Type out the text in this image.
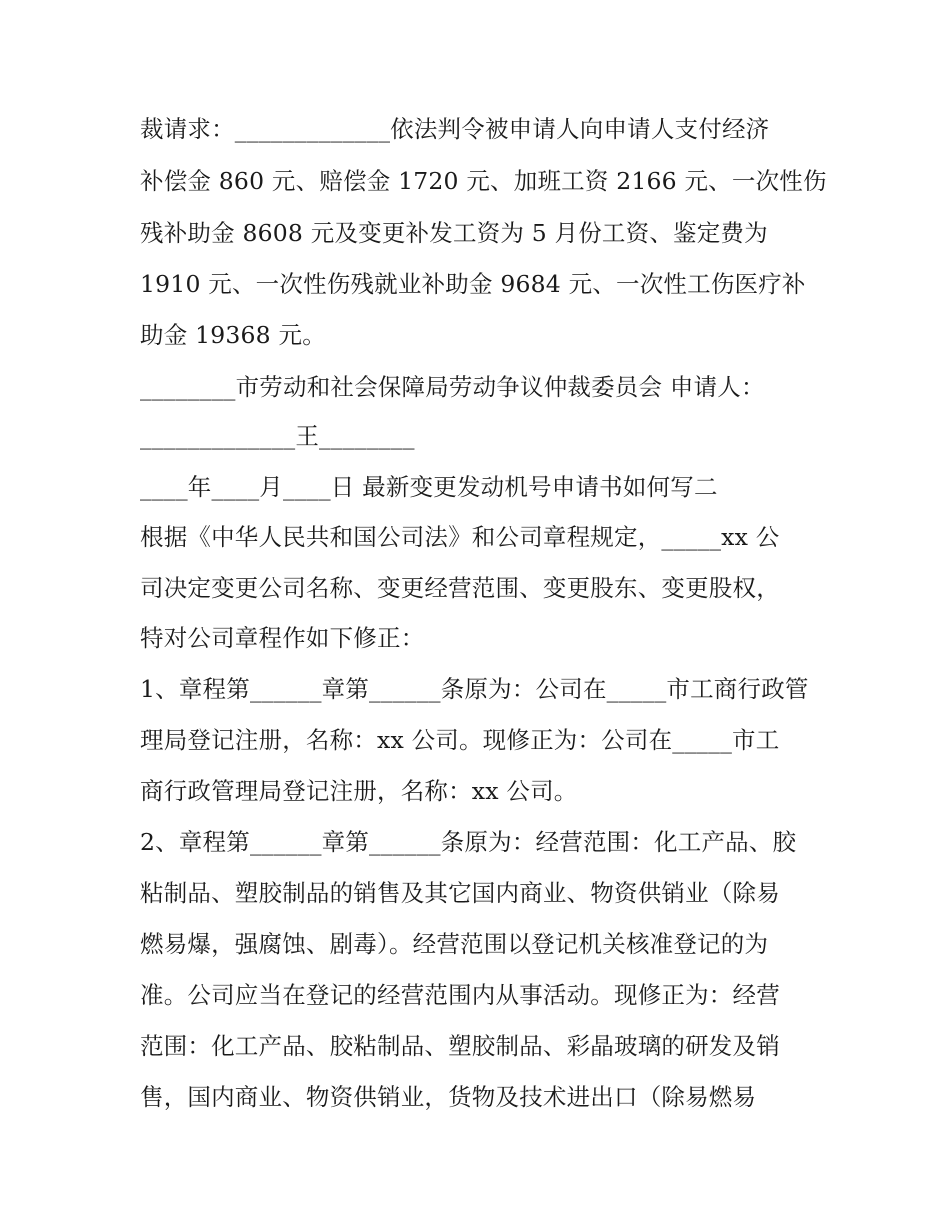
裁请求：_____________依法判令被申请人向申请人支付经济
补偿金 860 元、赔偿金 1720 元、加班工资 2166 元、一次性伤
残补助金 8608 元及变更补发工资为 5 月份工资、鉴定费为
1910 元、一次性伤残就业补助金 9684 元、一次性工伤医疗补
助金 19368 元。
________市劳动和社会保障局劳动争议仲裁委员会 申请人：
_____________王________
____年____月____日 最新变更发动机号申请书如何写二
根据《中华人民共和国公司法》和公司章程规定，_____xx 公
司决定变更公司名称、变更经营范围、变更股东、变更股权，
特对公司章程作如下修正：
1、章程第______章第______条原为：公司在_____市工商行政管
理局登记注册，名称：xx 公司。现修正为：公司在_____市工
商行政管理局登记注册，名称：xx 公司。
2、章程第______章第______条原为：经营范围：化工产品、胶
粘制品、塑胶制品的销售及其它国内商业、物资供销业（除易
燃易爆，强腐蚀、剧毒）。经营范围以登记机关核准登记的为
准。公司应当在登记的经营范围内从事活动。现修正为：经营
范围：化工产品、胶粘制品、塑胶制品、彩晶玻璃的研发及销
售，国内商业、物资供销业，货物及技术进出口（除易燃易
